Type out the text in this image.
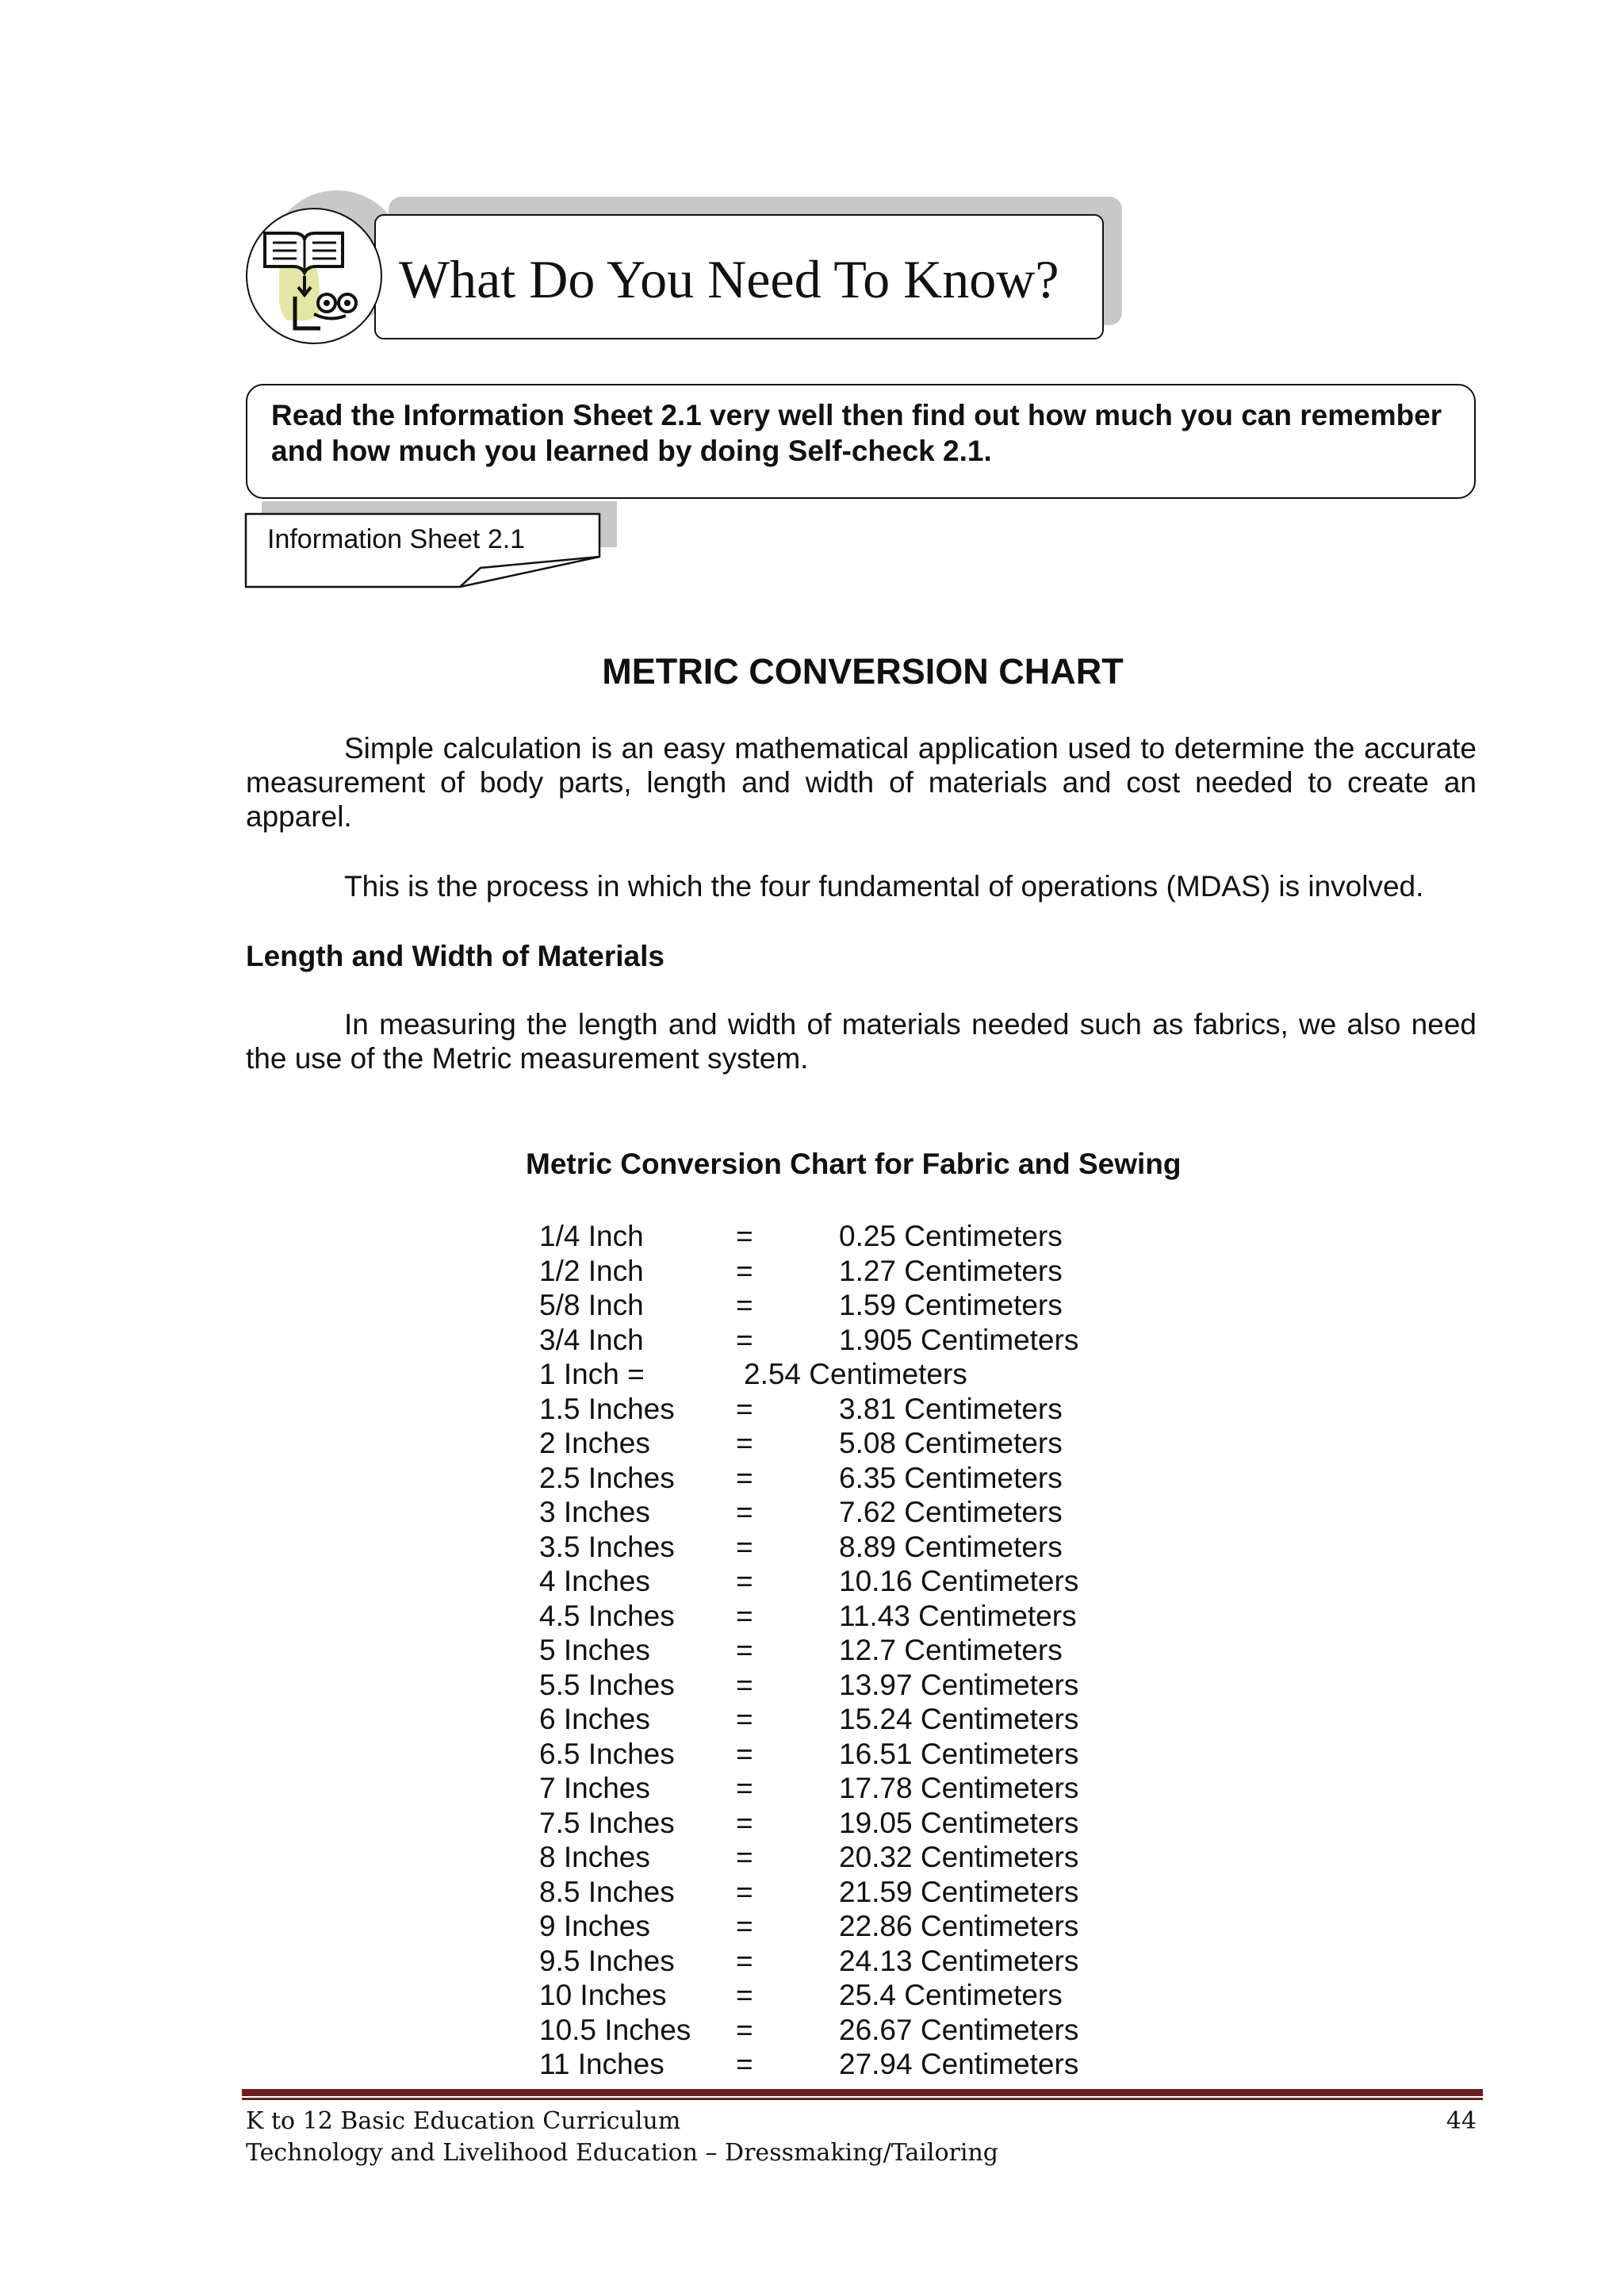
What Do You Need To Know?
Read the Information Sheet 2.1 very well then find out how much you can remember and how much you learned by doing Self-check 2.1.
Information Sheet 2.1
METRIC CONVERSION CHART
Simple calculation is an easy mathematical application used to determine the accurate measurement of body parts, length and width of materials and cost needed to create an apparel.
This is the process in which the four fundamental of operations (MDAS) is involved.
Length and Width of Materials
In measuring the length and width of materials needed such as fabrics, we also need the use of the Metric measurement system.
Metric Conversion Chart for Fabric and Sewing
1/4 Inch	=	0.25 Centimeters
1/2 Inch	=	1.27 Centimeters
5/8 Inch	=	1.59 Centimeters
3/4 Inch	=	1.905 Centimeters
1 Inch =	2.54 Centimeters
1.5 Inches =	3.81 Centimeters
2 Inches	=	5.08 Centimeters
2.5 Inches =	6.35 Centimeters
3 Inches	=	7.62 Centimeters
3.5 Inches =	8.89 Centimeters
4 Inches	=	10.16 Centimeters
4.5 Inches =	11.43 Centimeters
5 Inches	=	12.7 Centimeters
5.5 Inches =	13.97 Centimeters
6 Inches	=	15.24 Centimeters
6.5 Inches =	16.51 Centimeters
7 Inches	=	17.78 Centimeters
7.5 Inches =	19.05 Centimeters
8 Inches	=	20.32 Centimeters
8.5 Inches =	21.59 Centimeters
9 Inches	=	22.86 Centimeters
9.5 Inches =	24.13 Centimeters
10 Inches =	25.4 Centimeters
10.5 Inches =	26.67 Centimeters
11 Inches =	27.94 Centimeters
K to 12 Basic Education Curriculum
Technology and Livelihood Education – Dressmaking/Tailoring
44
